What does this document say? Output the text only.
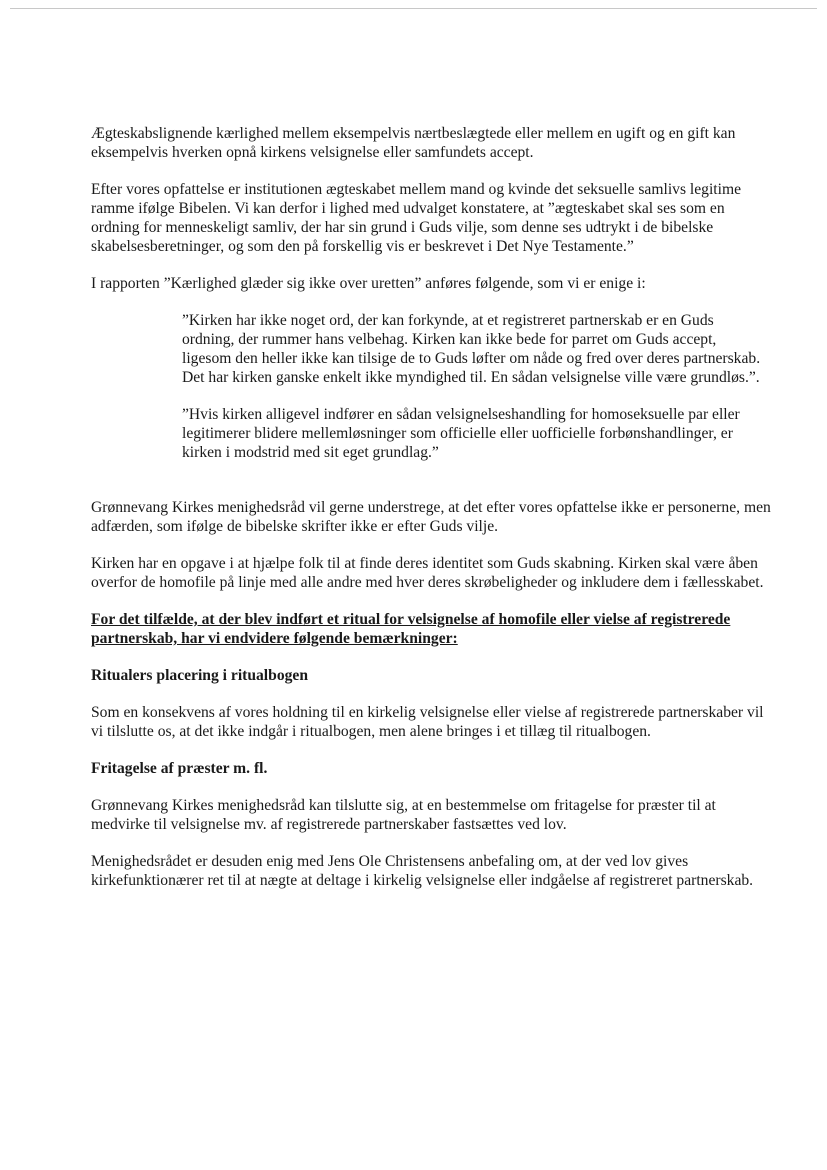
Ægteskabslignende kærlighed mellem eksempelvis nærtbeslægtede eller mellem en ugift og en gift kan eksempelvis hverken opnå kirkens velsignelse eller samfundets accept.

Efter vores opfattelse er institutionen ægteskabet mellem mand og kvinde det seksuelle samlivs legitime ramme ifølge Bibelen. Vi kan derfor i lighed med udvalget konstatere, at ”ægteskabet skal ses som en ordning for menneskeligt samliv, der har sin grund i Guds vilje, som denne ses udtrykt i de bibelske skabelsesberetninger, og som den på forskellig vis er beskrevet i Det Nye Testamente.”

I rapporten ”Kærlighed glæder sig ikke over uretten” anføres følgende, som vi er enige i:

”Kirken har ikke noget ord, der kan forkynde, at et registreret partnerskab er en Guds ordning, der rummer hans velbehag. Kirken kan ikke bede for parret om Guds accept, ligesom den heller ikke kan tilsige de to Guds løfter om nåde og fred over deres partnerskab. Det har kirken ganske enkelt ikke myndighed til. En sådan velsignelse ville være grundløs.”.

”Hvis kirken alligevel indfører en sådan velsignelseshandling for homoseksuelle par eller legitimerer blidere mellemløsninger som officielle eller uofficielle forbønshandlinger, er kirken i modstrid med sit eget grundlag.”

Grønnevang Kirkes menighedsråd vil gerne understrege, at det efter vores opfattelse ikke er personerne, men adfærden, som ifølge de bibelske skrifter ikke er efter Guds vilje.

Kirken har en opgave i at hjælpe folk til at finde deres identitet som Guds skabning. Kirken skal være åben overfor de homofile på linje med alle andre med hver deres skrøbeligheder og inkludere dem i fællesskabet.

For det tilfælde, at der blev indført et ritual for velsignelse af homofile eller vielse af registrerede partnerskab, har vi endvidere følgende bemærkninger:

Ritualers placering i ritualbogen

Som en konsekvens af vores holdning til en kirkelig velsignelse eller vielse af registrerede partnerskaber vil vi tilslutte os, at det ikke indgår i ritualbogen, men alene bringes i et tillæg til ritualbogen.

Fritagelse af præster m. fl.

Grønnevang Kirkes menighedsråd kan tilslutte sig, at en bestemmelse om fritagelse for præster til at medvirke til velsignelse mv. af registrerede partnerskaber fastsættes ved lov.

Menighedsrådet er desuden enig med Jens Ole Christensens anbefaling om, at der ved lov gives kirkefunktionærer ret til at nægte at deltage i kirkelig velsignelse eller indgåelse af registreret partnerskab.
